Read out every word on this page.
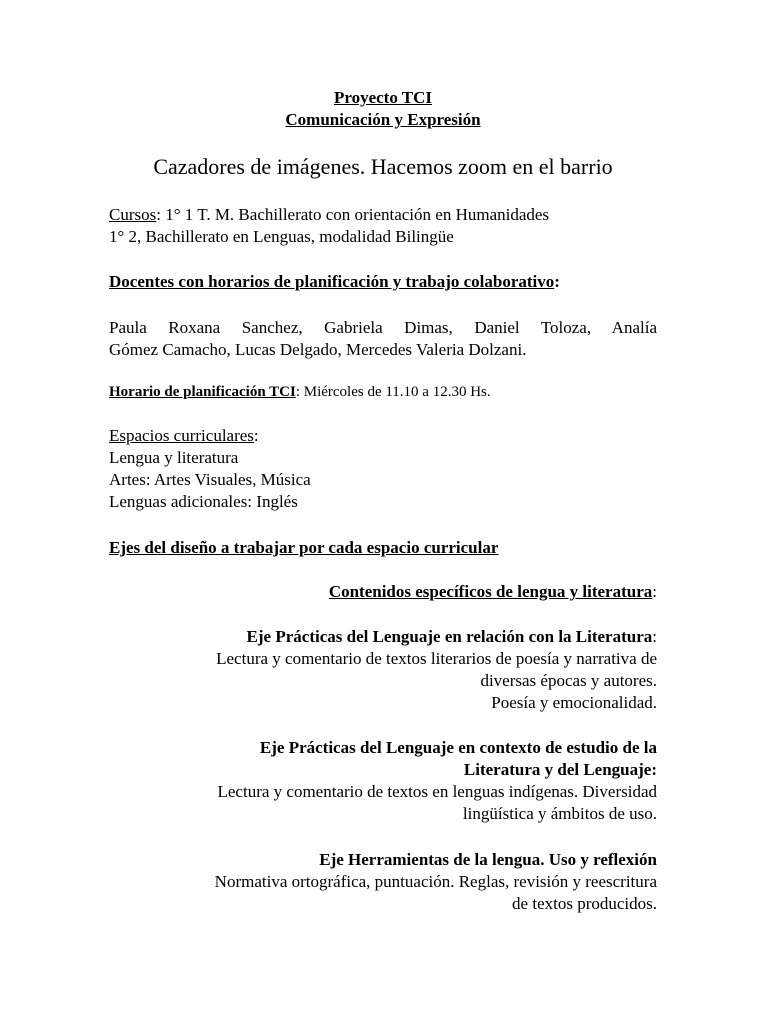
Proyecto TCI
Comunicación y Expresión
Cazadores de imágenes. Hacemos zoom en el barrio
Cursos: 1° 1 T. M. Bachillerato con orientación en Humanidades
1° 2, Bachillerato en Lenguas, modalidad Bilingüe
Docentes con horarios de planificación y trabajo colaborativo:
Paula Roxana Sanchez, Gabriela Dimas, Daniel Toloza, Analía
Gómez Camacho, Lucas Delgado, Mercedes Valeria Dolzani.
Horario de planificación TCI: Miércoles de 11.10 a 12.30 Hs.
Espacios curriculares:
Lengua y literatura
Artes: Artes Visuales, Música
Lenguas adicionales: Inglés
Ejes del diseño a trabajar por cada espacio curricular
Contenidos específicos de lengua y literatura:
Eje Prácticas del Lenguaje en relación con la Literatura:
Lectura y comentario de textos literarios de poesía y narrativa de
diversas épocas y autores.
Poesía y emocionalidad.
Eje Prácticas del Lenguaje en contexto de estudio de la
Literatura y del Lenguaje:
Lectura y comentario de textos en lenguas indígenas. Diversidad
lingüística y ámbitos de uso.
Eje Herramientas de la lengua. Uso y reflexión
Normativa ortográfica, puntuación. Reglas, revisión y reescritura
de textos producidos.
